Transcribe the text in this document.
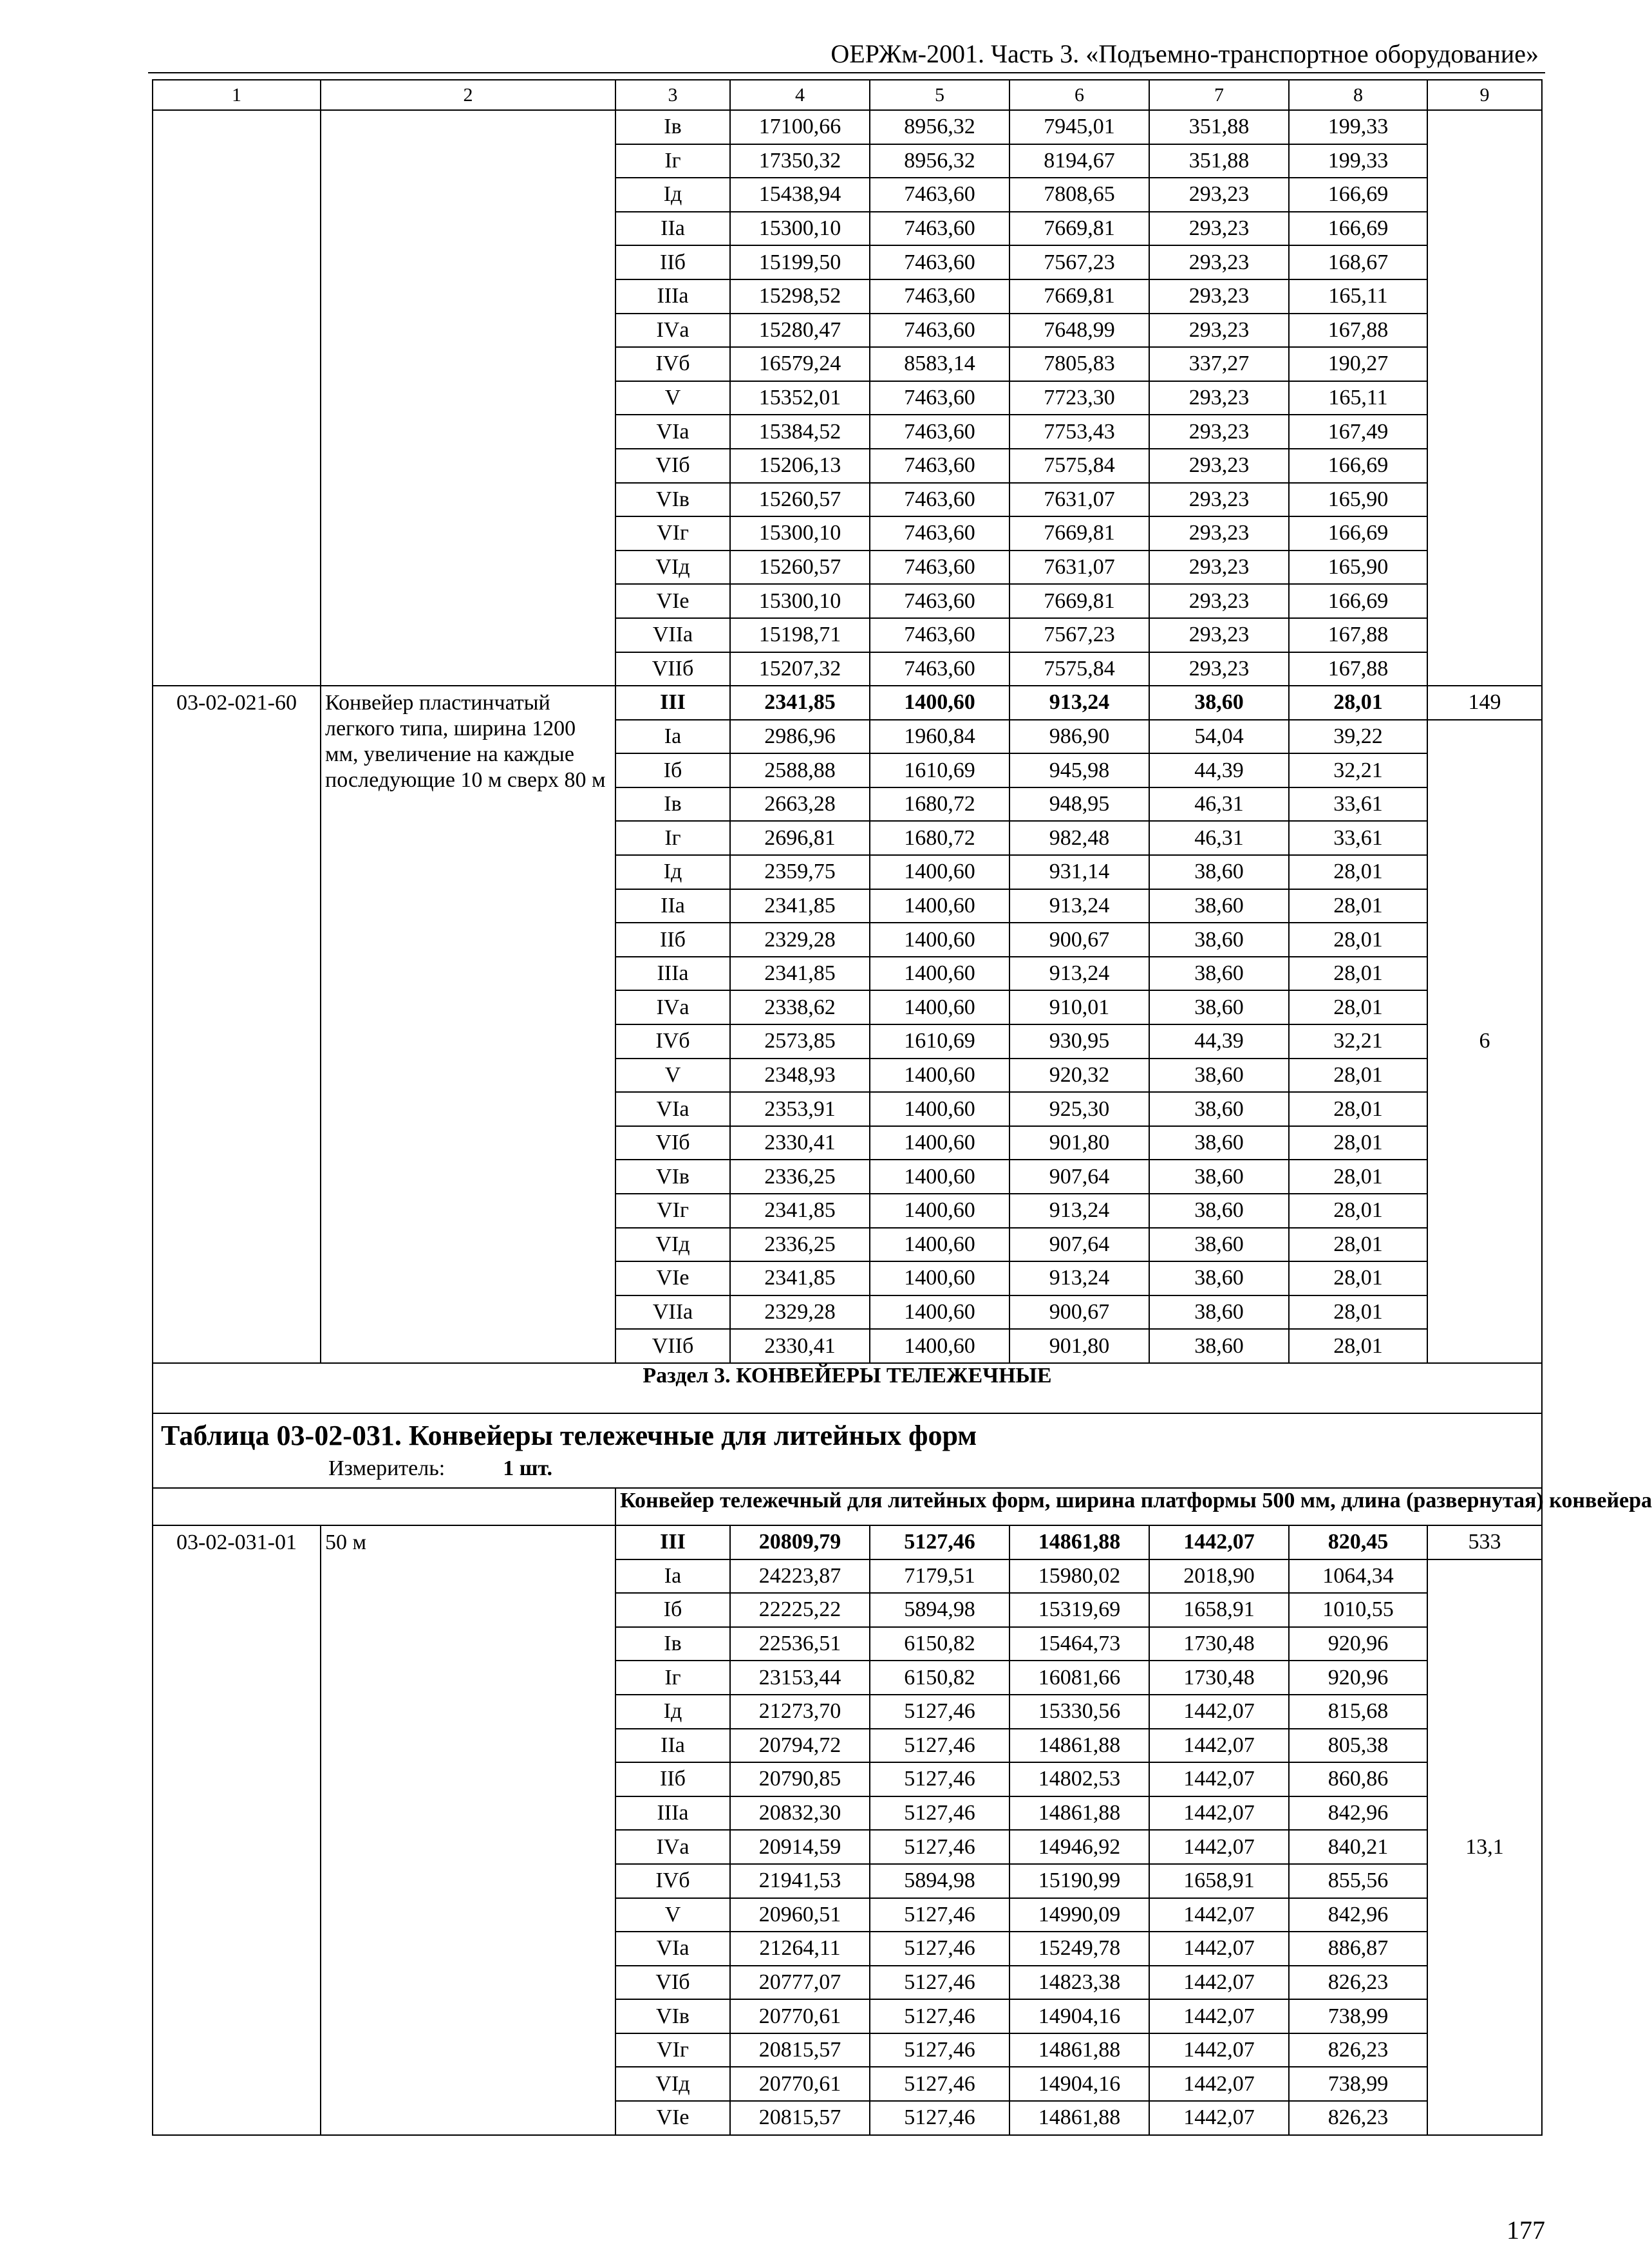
ОЕРЖм-2001. Часть 3. «Подъемно-транспортное оборудование»
1	2	3	4	5	6	7	8	9
		Iв	17100,66	8956,32	7945,01	351,88	199,33	
		Iг	17350,32	8956,32	8194,67	351,88	199,33	
		Iд	15438,94	7463,60	7808,65	293,23	166,69	
		IIа	15300,10	7463,60	7669,81	293,23	166,69	
		IIб	15199,50	7463,60	7567,23	293,23	168,67	
		IIIа	15298,52	7463,60	7669,81	293,23	165,11	
		IVа	15280,47	7463,60	7648,99	293,23	167,88	
		IVб	16579,24	8583,14	7805,83	337,27	190,27	
		V	15352,01	7463,60	7723,30	293,23	165,11	
		VIа	15384,52	7463,60	7753,43	293,23	167,49	
		VIб	15206,13	7463,60	7575,84	293,23	166,69	
		VIв	15260,57	7463,60	7631,07	293,23	165,90	
		VIг	15300,10	7463,60	7669,81	293,23	166,69	
		VIд	15260,57	7463,60	7631,07	293,23	165,90	
		VIе	15300,10	7463,60	7669,81	293,23	166,69	
		VIIа	15198,71	7463,60	7567,23	293,23	167,88	
		VIIб	15207,32	7463,60	7575,84	293,23	167,88	
03-02-021-60	Конвейер пластинчатый легкого типа, ширина 1200 мм, увеличение на каждые последующие 10 м сверх 80 м	III	2341,85	1400,60	913,24	38,60	28,01	149
		Iа	2986,96	1960,84	986,90	54,04	39,22	6
		Iб	2588,88	1610,69	945,98	44,39	32,21	
		Iв	2663,28	1680,72	948,95	46,31	33,61	
		Iг	2696,81	1680,72	982,48	46,31	33,61	
		Iд	2359,75	1400,60	931,14	38,60	28,01	
		IIа	2341,85	1400,60	913,24	38,60	28,01	
		IIб	2329,28	1400,60	900,67	38,60	28,01	
		IIIа	2341,85	1400,60	913,24	38,60	28,01	
		IVа	2338,62	1400,60	910,01	38,60	28,01	
		IVб	2573,85	1610,69	930,95	44,39	32,21	
		V	2348,93	1400,60	920,32	38,60	28,01	
		VIа	2353,91	1400,60	925,30	38,60	28,01	
		VIб	2330,41	1400,60	901,80	38,60	28,01	
		VIв	2336,25	1400,60	907,64	38,60	28,01	
		VIг	2341,85	1400,60	913,24	38,60	28,01	
		VIд	2336,25	1400,60	907,64	38,60	28,01	
		VIе	2341,85	1400,60	913,24	38,60	28,01	
		VIIа	2329,28	1400,60	900,67	38,60	28,01	
		VIIб	2330,41	1400,60	901,80	38,60	28,01	
Раздел 3. КОНВЕЙЕРЫ ТЕЛЕЖЕЧНЫЕ								

Таблица 03-02-031. Конвейеры тележечные для литейных форм
Измеритель: 1 шт.								

		Конвейер тележечный для литейных форм, ширина платформы 500 мм, длина (развернутая) конвейера						
03-02-031-01	50 м	III	20809,79	5127,46	14861,88	1442,07	820,45	533
		Iа	24223,87	7179,51	15980,02	2018,90	1064,34	13,1
		Iб	22225,22	5894,98	15319,69	1658,91	1010,55	
		Iв	22536,51	6150,82	15464,73	1730,48	920,96	
		Iг	23153,44	6150,82	16081,66	1730,48	920,96	
		Iд	21273,70	5127,46	15330,56	1442,07	815,68	
		IIа	20794,72	5127,46	14861,88	1442,07	805,38	
		IIб	20790,85	5127,46	14802,53	1442,07	860,86	
		IIIа	20832,30	5127,46	14861,88	1442,07	842,96	
		IVа	20914,59	5127,46	14946,92	1442,07	840,21	
		IVб	21941,53	5894,98	15190,99	1658,91	855,56	
		V	20960,51	5127,46	14990,09	1442,07	842,96	
		VIа	21264,11	5127,46	15249,78	1442,07	886,87	
		VIб	20777,07	5127,46	14823,38	1442,07	826,23	
		VIв	20770,61	5127,46	14904,16	1442,07	738,99	
		VIг	20815,57	5127,46	14861,88	1442,07	826,23	
		VIд	20770,61	5127,46	14904,16	1442,07	738,99	
		VIе	20815,57	5127,46	14861,88	1442,07	826,23	
177
